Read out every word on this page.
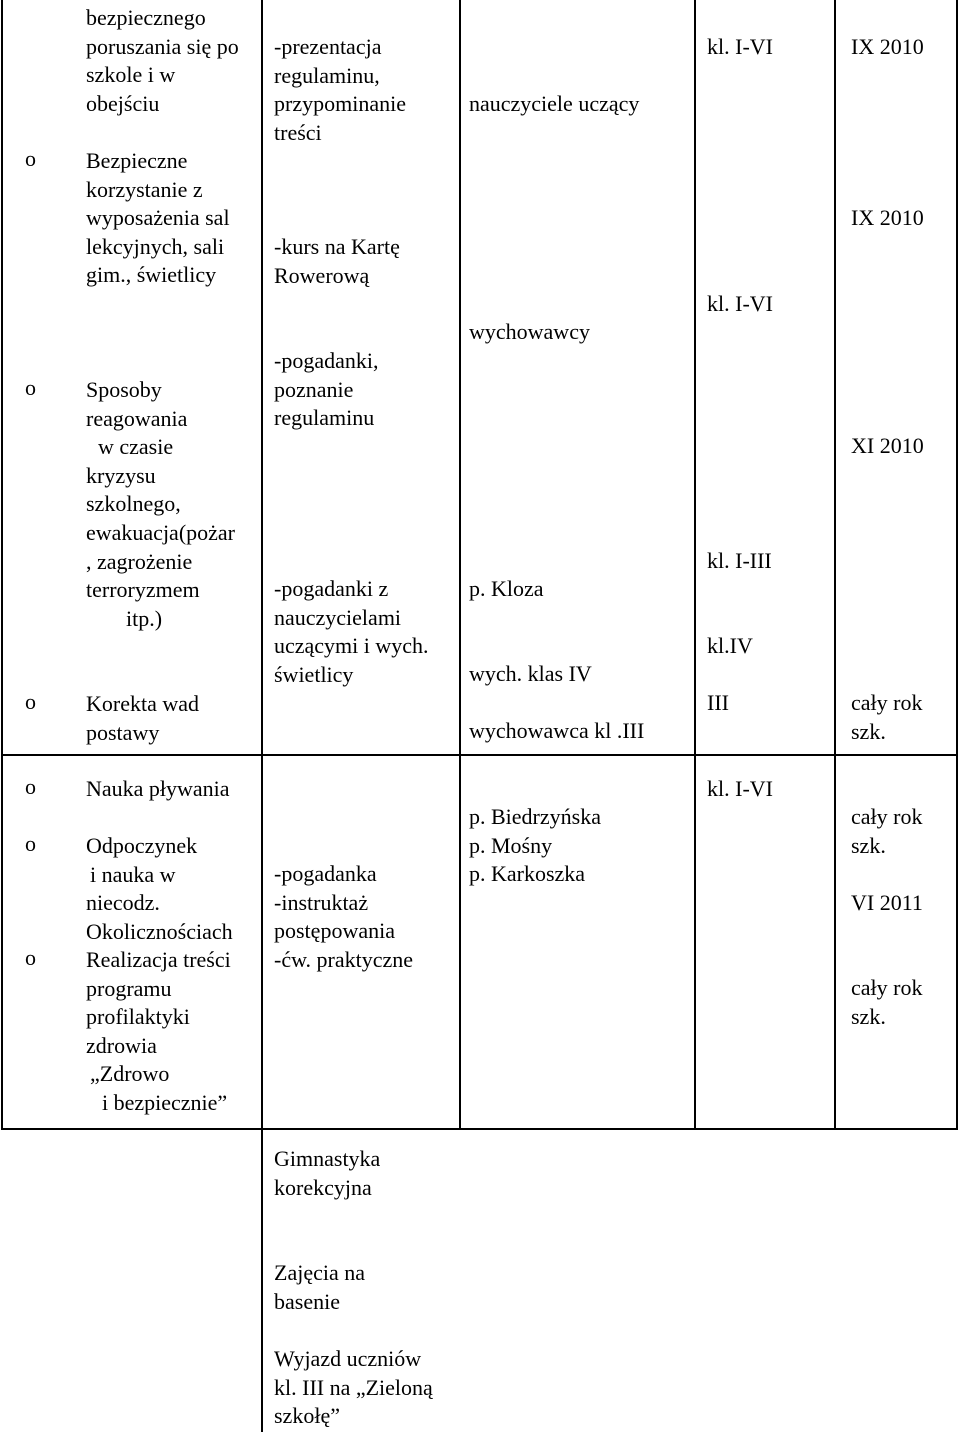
bezpiecznego
poruszania się po
szkole i w
obejściu
o Bezpieczne
korzystanie z
wyposażenia sal
lekcyjnych, sali
gim., świetlicy
o Sposoby
reagowania
w czasie
kryzysu
szkolnego,
ewakuacja(pożar
, zagrożenie
terroryzmem
itp.)
o Korekta wad
postawy
o Nauka pływania
o Odpoczynek
i nauka w
niecodz.
Okolicznościach
o Realizacja treści
programu
profilaktyki
zdrowia
„Zdrowo
i bezpiecznie”
-prezentacja
regulaminu,
przypominanie
treści
-kurs na Kartę
Rowerową
-pogadanki,
poznanie
regulaminu
-pogadanki z
nauczycielami
uczącymi i wych.
świetlicy
-pogadanka
-instruktaż
postępowania
-ćw. praktyczne
Gimnastyka
korekcyjna
Zajęcia na
basenie
Wyjazd uczniów
kl. III na „Zieloną
szkołę”
nauczyciele uczący
wychowawcy
p. Kloza
wych. klas IV
wychowawca kl .III
p. Biedrzyńska
p. Mośny
p. Karkoszka
kl. I-VI
kl. I-VI
kl. I-III
kl.IV
III
kl. I-VI
IX 2010
IX 2010
XI 2010
cały rok
szk.
cały rok
szk.
VI 2011
cały rok
szk.
